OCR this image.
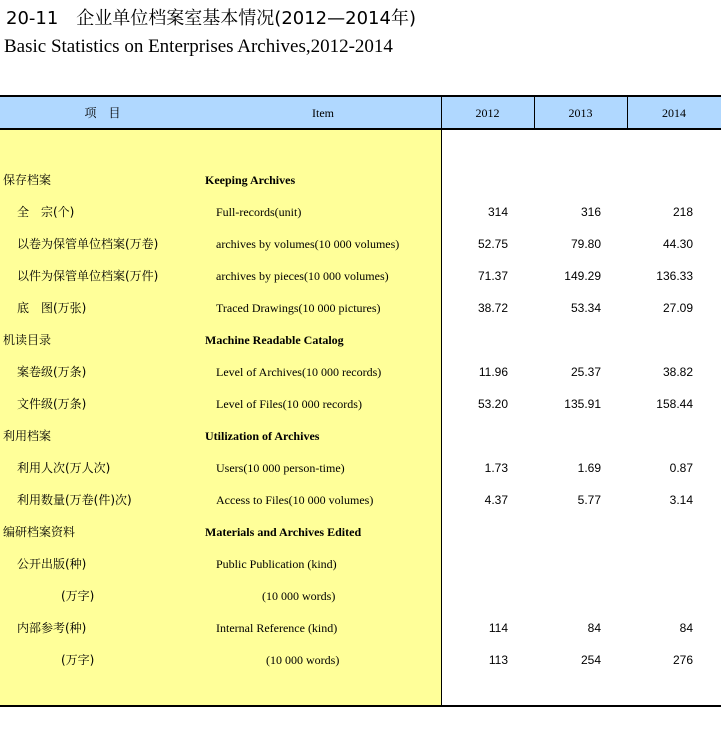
20-11　企业单位档案室基本情况(2012—2014年)
Basic Statistics on Enterprises Archives,2012-2014
项　目	Item	2012	2013	2014
保存档案	Keeping Archives
全　宗(个)	Full-records(unit)	314	316	218
以卷为保管单位档案(万卷)	archives by volumes(10 000 volumes)	52.75	79.80	44.30
以件为保管单位档案(万件)	archives by pieces(10 000 volumes)	71.37	149.29	136.33
底　图(万张)	Traced Drawings(10 000 pictures)	38.72	53.34	27.09
机读目录	Machine Readable Catalog
案卷级(万条)	Level of Archives(10 000 records)	11.96	25.37	38.82
文件级(万条)	Level of Files(10 000 records)	53.20	135.91	158.44
利用档案	Utilization of Archives
利用人次(万人次)	Users(10 000 person-time)	1.73	1.69	0.87
利用数量(万卷(件)次)	Access to Files(10 000 volumes)	4.37	5.77	3.14
编研档案资料	Materials and Archives Edited
公开出版(种)	Public Publication (kind)
(万字)	(10 000 words)
内部参考(种)	Internal Reference (kind)	114	84	84
(万字)	(10 000 words)	113	254	276
